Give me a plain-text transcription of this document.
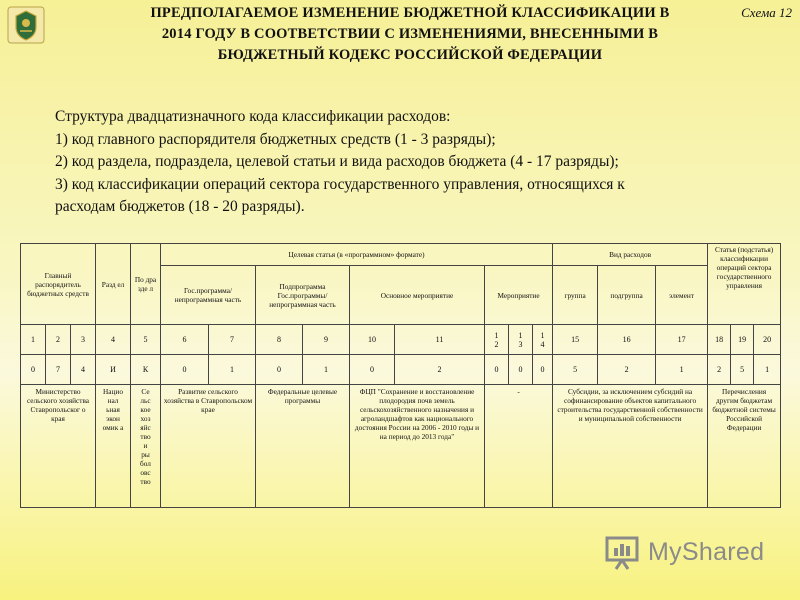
Схема 12
ПРЕДПОЛАГАЕМОЕ ИЗМЕНЕНИЕ БЮДЖЕТНОЙ КЛАССИФИКАЦИИ В
2014 ГОДУ В СООТВЕТСТВИИ С ИЗМЕНЕНИЯМИ, ВНЕСЕННЫМИ В
БЮДЖЕТНЫЙ КОДЕКС РОССИЙСКОЙ ФЕДЕРАЦИИ
Структура двадцатизначного кода классификации расходов:
1) код главного распорядителя бюджетных средств (1 - 3 разряды);
2) код раздела, подраздела, целевой статьи и вида расходов бюджета (4 - 17 разряды);
3) код классификации операций сектора государственного управления, относящихся к
расходам бюджетов (18 - 20 разряды).
Главный распорядитель бюджетных средств			Разд ел	По дра зде л	Целевая статья (в «программном» формате)									Вид расходов			Статья (подстатья) классификации операций сектора государственного управления		
					Гос.программа/ непрограммная часть		Подпрограмма Гос.программы/ непрограммная часть		Основное мероприятие		Мероприятие			группа	подгруппа	элемент			
1	2	3	4	5	6	7	8	9	10	11	12	13	14	15	16	17	18	19	20
0	7	4	И	К	0	1	0	1	0	2	0	0	0	5	2	1	2	5	1
Министерство сельского хозяйства Ставропольског о края			Нацио нал ьная экон омик а	Се льс кое хоз яйс тво и ры бол овс тво	Развитие сельского хозяйства в Ставропольском крае		Федеральные целевые программы		ФЦП "Сохранение и восстановление плодородия почв земель сельскохозяйственного назначения и агроландшафтов как национального достояния России на 2006 - 2010 годы и на период до 2013 года"		-			Субсидии, за исключением субсидий на софинансирование объектов капитального строительства государственной собственности и муниципальной собственности			Перечисления другим бюджетам бюджетной системы Российской Федерации		
MyShared
